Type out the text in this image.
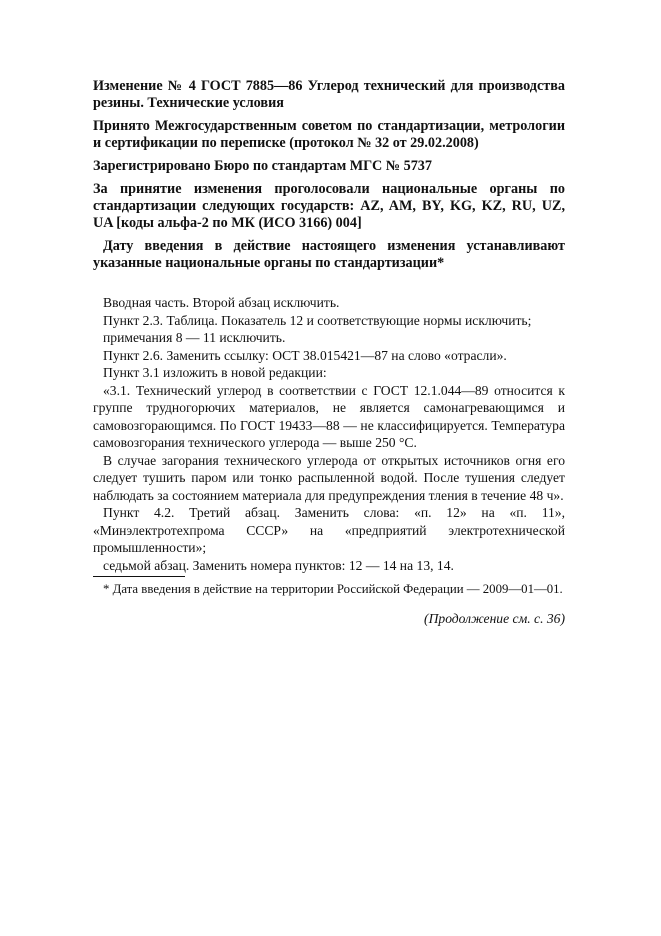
Изменение № 4 ГОСТ 7885—86 Углерод технический для производства резины. Технические условия

Принято Межгосударственным советом по стандартизации, метрологии и сертификации по переписке (протокол № 32 от 29.02.2008)

Зарегистрировано Бюро по стандартам МГС № 5737

За принятие изменения проголосовали национальные органы по стандартизации следующих государств: AZ, AM, BY, KG, KZ, RU, UZ, UA [коды альфа-2 по МК (ИСО 3166) 004]

Дату введения в действие настоящего изменения устанавливают указанные национальные органы по стандартизации*

Вводная часть. Второй абзац исключить.

Пункт 2.3. Таблица. Показатель 12 и соответствующие нормы исключить;

примечания 8 — 11 исключить.

Пункт 2.6. Заменить ссылку: ОСТ 38.015421—87 на слово «отрасли».

Пункт 3.1 изложить в новой редакции:

«3.1. Технический углерод в соответствии с ГОСТ 12.1.044—89 относится к группе трудногорючих материалов, не является самонагревающимся и самовозгорающимся. По ГОСТ 19433—88 — не классифицируется. Температура самовозгорания технического углерода — выше 250 °С.

В случае загорания технического углерода от открытых источников огня его следует тушить паром или тонко распыленной водой. После тушения следует наблюдать за состоянием материала для предупреждения тления в течение 48 ч».

Пункт 4.2. Третий абзац. Заменить слова: «п. 12» на «п. 11», «Минэлектротехпрома СССР» на «предприятий электротехнической промышленности»;

седьмой абзац. Заменить номера пунктов: 12 — 14 на 13, 14.

* Дата введения в действие на территории Российской Федерации — 2009—01—01.

(Продолжение см. с. 36)
